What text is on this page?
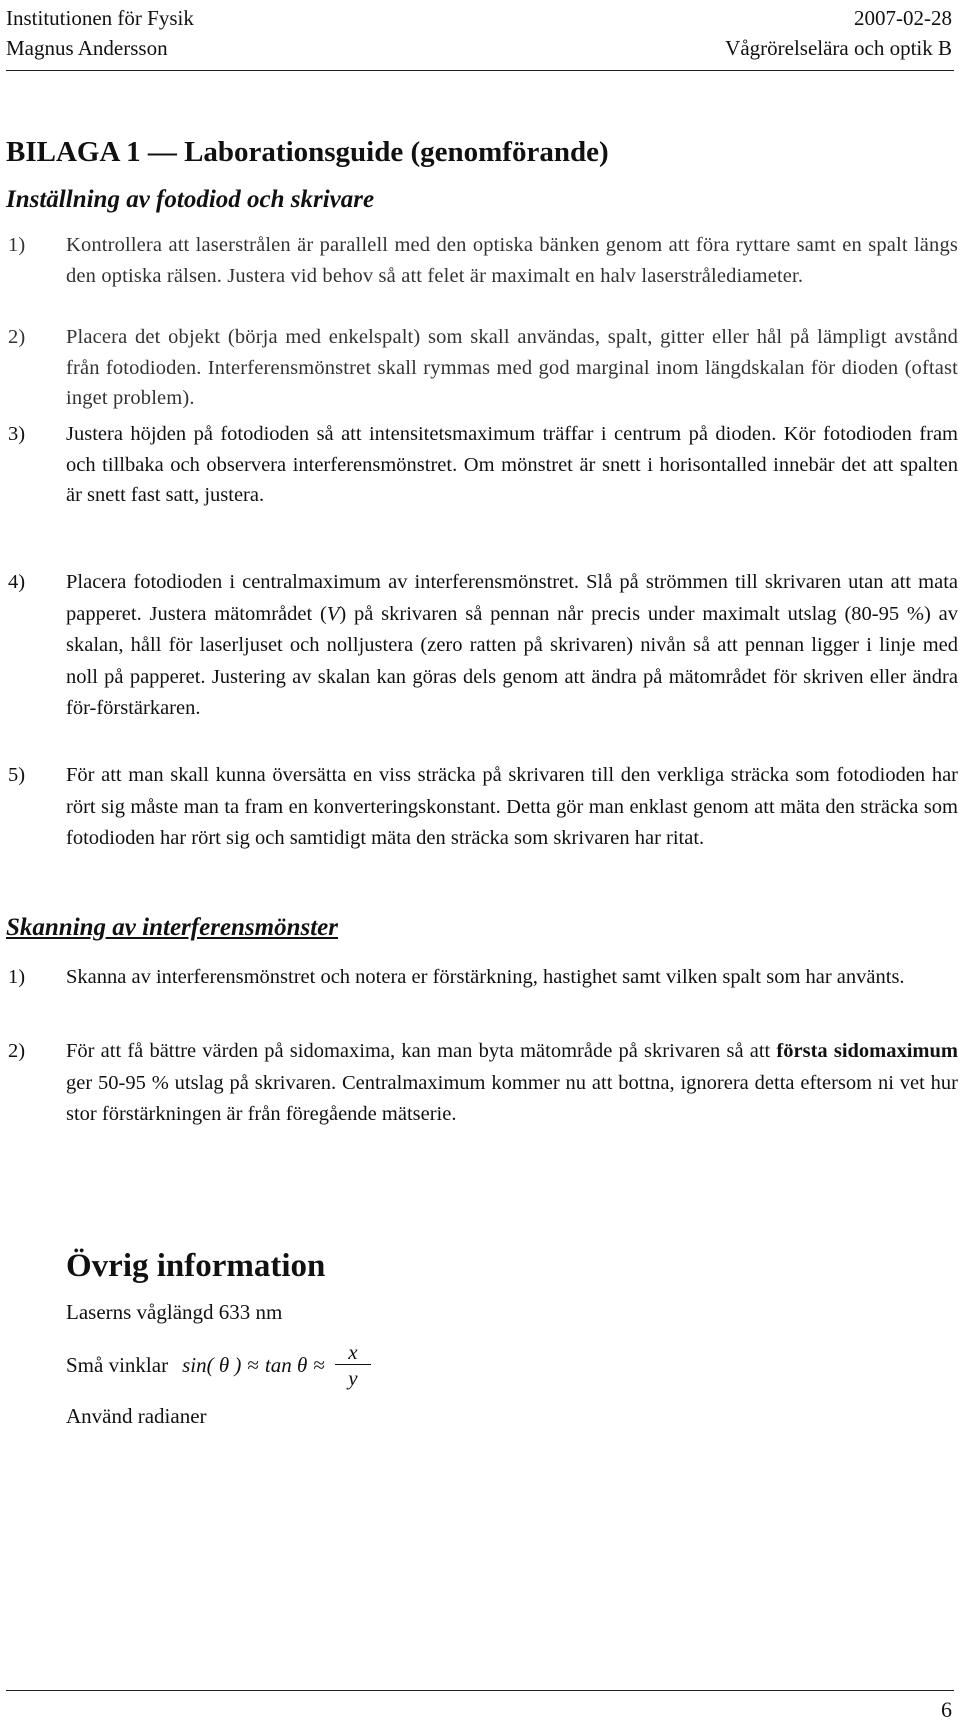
Institutionen för Fysik	2007-02-28
Magnus Andersson	Vågrörelselära och optik B
BILAGA 1 — Laborationsguide (genomförande)
Inställning av fotodiod och skrivare
1)	Kontrollera att laserstrålen är parallell med den optiska bänken genom att föra ryttare samt en spalt längs den optiska rälsen. Justera vid behov så att felet är maximalt en halv laserstrålediameter.

2)	Placera det objekt (börja med enkelspalt) som skall användas, spalt, gitter eller hål på lämpligt avstånd från fotodioden. Interferensmönstret skall rymmas med god marginal inom längdskalan för dioden (oftast inget problem).

3)	Justera höjden på fotodioden så att intensitetsmaximum träffar i centrum på dioden. Kör fotodioden fram och tillbaka och observera interferensmönstret. Om mönstret är snett i horisontalled innebär det att spalten är snett fast satt, justera.

4)	Placera fotodioden i centralmaximum av interferensmönstret. Slå på strömmen till skrivaren utan att mata papperet. Justera mätområdet (V) på skrivaren så pennan når precis under maximalt utslag (80-95 %) av skalan, håll för laserljuset och nolljustera (zero ratten på skrivaren) nivån så att pennan ligger i linje med noll på papperet. Justering av skalan kan göras dels genom att ändra på mätområdet för skriven eller ändra för-förstärkaren.

5)	För att man skall kunna översätta en viss sträcka på skrivaren till den verkliga sträcka som fotodioden har rört sig måste man ta fram en konverteringskonstant. Detta gör man enklast genom att mäta den sträcka som fotodioden har rört sig och samtidigt mäta den sträcka som skrivaren har ritat.

Skanning av interferensmönster
1)	Skanna av interferensmönstret och notera er förstärkning, hastighet samt vilken spalt som har använts.

2)	För att få bättre värden på sidomaxima, kan man byta mätområde på skrivaren så att första sidomaximum ger 50-95 % utslag på skrivaren. Centralmaximum kommer nu att bottna, ignorera detta eftersom ni vet hur stor förstärkningen är från föregående mätserie.

Övrig information
Laserns våglängd 633 nm
Små vinklar sin( θ ) ≈ $\tan \theta \approx \frac{x}{y}$
Använd radianer
6
